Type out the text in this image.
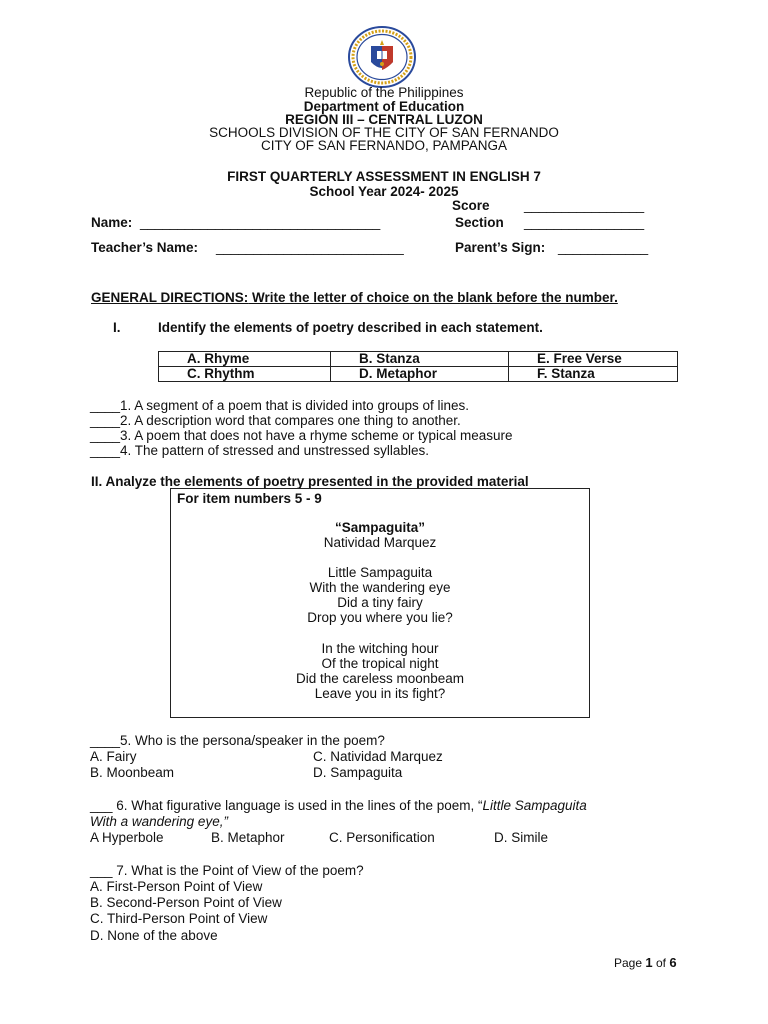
Republic of the Philippines
Department of Education
REGION III – CENTRAL LUZON
SCHOOLS DIVISION OF THE CITY OF SAN FERNANDO
CITY OF SAN FERNANDO, PAMPANGA
FIRST QUARTERLY ASSESSMENT IN ENGLISH 7
School Year 2024- 2025
Score	________________
Name: ________________________________	Section ________________
Teacher’s Name: _________________________	Parent’s Sign: ____________
GENERAL DIRECTIONS: Write the letter of choice on the blank before the number.
I.	Identify the elements of poetry described in each statement.
A. Rhyme	B. Stanza	E. Free Verse
C. Rhythm	D. Metaphor	F. Stanza
____1. A segment of a poem that is divided into groups of lines.
____2. A description word that compares one thing to another.
____3. A poem that does not have a rhyme scheme or typical measure
____4. The pattern of stressed and unstressed syllables.
II. Analyze the elements of poetry presented in the provided material
For item numbers 5 - 9
“Sampaguita”
Natividad Marquez
Little Sampaguita
With the wandering eye
Did a tiny fairy
Drop you where you lie?
In the witching hour
Of the tropical night
Did the careless moonbeam
Leave you in its fight?
____5. Who is the persona/speaker in the poem?
A. Fairy	C. Natividad Marquez
B. Moonbeam	D. Sampaguita
___ 6. What figurative language is used in the lines of the poem, “Little Sampaguita
With a wandering eye,”
A Hyperbole	B. Metaphor	C. Personification	D. Simile
___ 7. What is the Point of View of the poem?
A. First-Person Point of View
B. Second-Person Point of View
C. Third-Person Point of View
D. None of the above
Page 1 of 6
